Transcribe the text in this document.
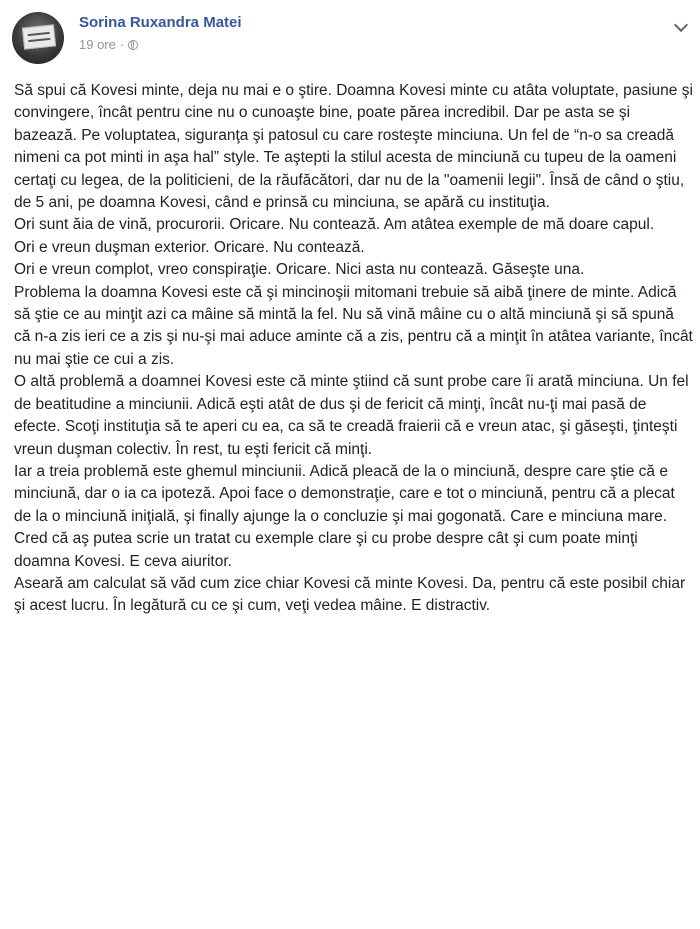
Sorina Ruxandra Matei
19 ore ·

Să spui că Kovesi minte, deja nu mai e o ştire. Doamna Kovesi minte cu atâta voluptate, pasiune şi convingere, încât pentru cine nu o cunoaşte bine, poate părea incredibil. Dar pe asta se şi bazează. Pe voluptatea, siguranţa şi patosul cu care rosteşte minciuna. Un fel de “n-o sa creadă nimeni ca pot minti in aşa hal” style. Te aştepti la stilul acesta de minciună cu tupeu de la oameni certaţi cu legea, de la politicieni, de la răufăcători, dar nu de la "oamenii legii". Însă de când o ştiu, de 5 ani, pe doamna Kovesi, când e prinsă cu minciuna, se apără cu instituţia.

Ori sunt ăia de vină, procurorii. Oricare. Nu contează. Am atâtea exemple de mă doare capul.

Ori e vreun duşman exterior. Oricare. Nu contează.

Ori e vreun complot, vreo conspiraţie. Oricare. Nici asta nu contează. Găseşte una.

Problema la doamna Kovesi este că şi mincinoşii mitomani trebuie să aibă ţinere de minte. Adică să ştie ce au minţit azi ca mâine să mintă la fel. Nu să vină mâine cu o altă minciună şi să spună că n-a zis ieri ce a zis şi nu-şi mai aduce aminte că a zis, pentru că a minţit în atâtea variante, încât nu mai ştie ce cui a zis.

O altă problemă a doamnei Kovesi este că minte ştiind că sunt probe care îi arată minciuna. Un fel de beatitudine a minciunii. Adică eşti atât de dus şi de fericit că minţi, încât nu-ţi mai pasă de efecte. Scoţi instituţia să te aperi cu ea, ca să te creadă fraierii că e vreun atac, şi găseşti, ţinteşti vreun duşman colectiv. În rest, tu eşti fericit că minţi.

Iar a treia problemă este ghemul minciunii. Adică pleacă de la o minciună, despre care ştie că e minciună, dar o ia ca ipoteză. Apoi face o demonstraţie, care e tot o minciună, pentru că a plecat de la o minciună iniţială, şi finally ajunge la o concluzie şi mai gogonată. Care e minciuna mare.

Cred că aş putea scrie un tratat cu exemple clare şi cu probe despre cât şi cum poate minţi doamna Kovesi. E ceva aiuritor.

Aseară am calculat să văd cum zice chiar Kovesi că minte Kovesi. Da, pentru că este posibil chiar şi acest lucru. În legătură cu ce şi cum, veţi vedea mâine. E distractiv.
